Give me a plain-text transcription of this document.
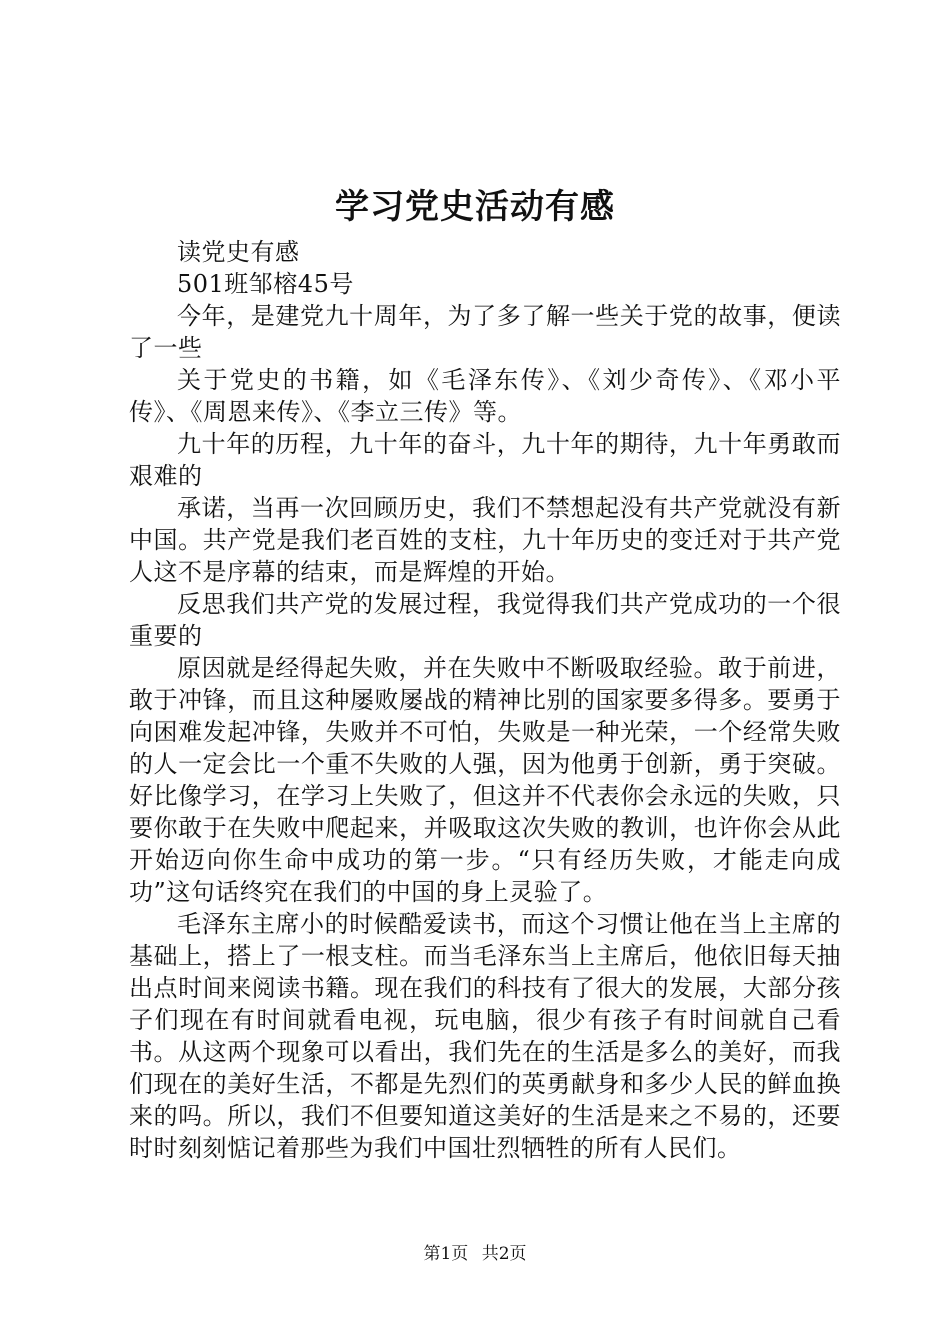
学习党史活动有感

读党史有感

501班邹榕45号

今年，是建党九十周年，为了多了解一些关于党的故事，便读了一些

关于党史的书籍，如《毛泽东传》、《刘少奇传》、《邓小平传》、《周恩来传》、《李立三传》等。

九十年的历程，九十年的奋斗，九十年的期待，九十年勇敢而艰难的

承诺，当再一次回顾历史，我们不禁想起没有共产党就没有新中国。共产党是我们老百姓的支柱，九十年历史的变迁对于共产党人这不是序幕的结束，而是辉煌的开始。

反思我们共产党的发展过程，我觉得我们共产党成功的一个很重要的

原因就是经得起失败，并在失败中不断吸取经验。敢于前进，敢于冲锋，而且这种屡败屡战的精神比别的国家要多得多。要勇于向困难发起冲锋，失败并不可怕，失败是一种光荣，一个经常失败的人一定会比一个重不失败的人强，因为他勇于创新，勇于突破。好比像学习，在学习上失败了，但这并不代表你会永远的失败，只要你敢于在失败中爬起来，并吸取这次失败的教训，也许你会从此开始迈向你生命中成功的第一步。“只有经历失败，才能走向成功”这句话终究在我们的中国的身上灵验了。

毛泽东主席小的时候酷爱读书，而这个习惯让他在当上主席的基础上，搭上了一根支柱。而当毛泽东当上主席后，他依旧每天抽出点时间来阅读书籍。现在我们的科技有了很大的发展，大部分孩子们现在有时间就看电视，玩电脑，很少有孩子有时间就自己看书。从这两个现象可以看出，我们先在的生活是多么的美好，而我们现在的美好生活，不都是先烈们的英勇献身和多少人民的鲜血换来的吗。所以，我们不但要知道这美好的生活是来之不易的，还要时时刻刻惦记着那些为我们中国壮烈牺牲的所有人民们。

第1页 共2页
